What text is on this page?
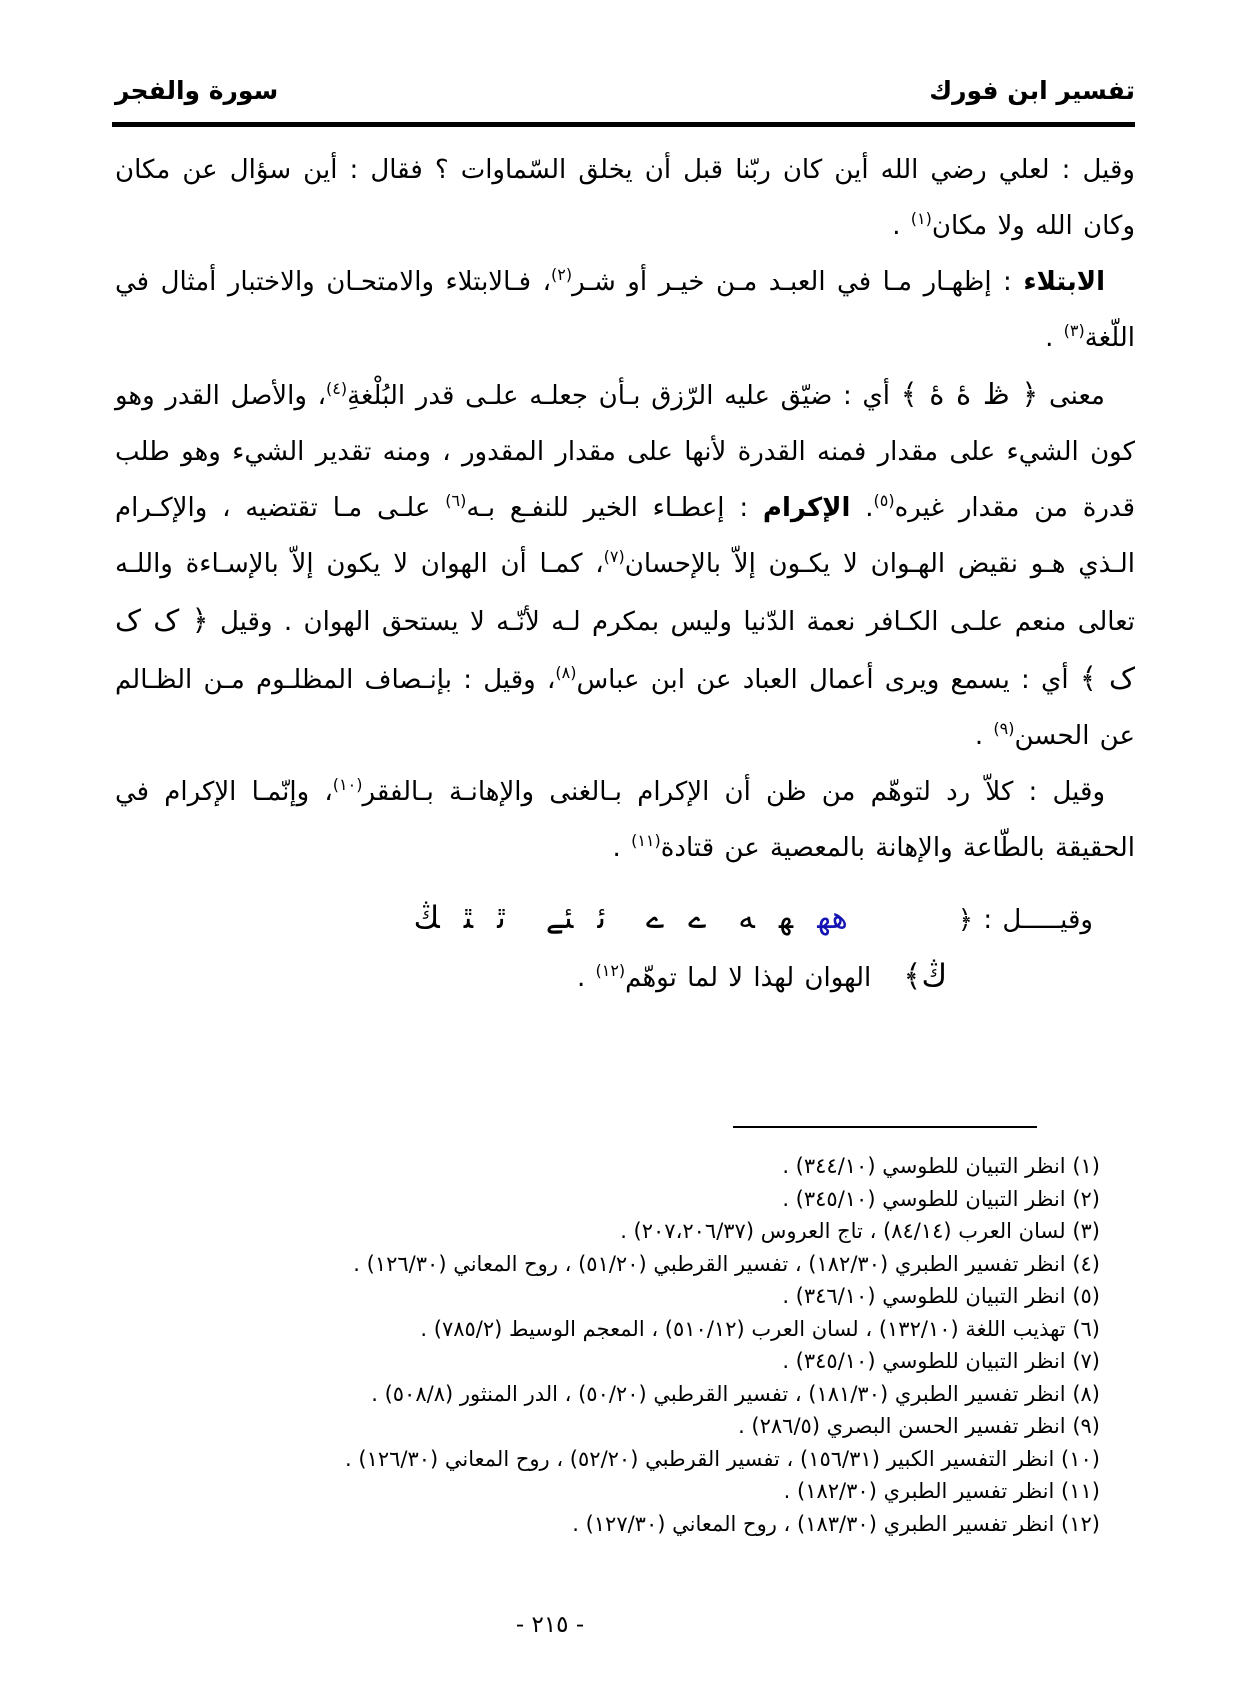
تفسير ابن فورك
سورة والفجر

وقيل : لعلي رضي الله أين كان ربّنا قبل أن يخلق السّماوات ؟ فقال : أين سؤال عن مكان وكان الله ولا مكان$^{(١)}$ .

الابتلاء : إظهـار مـا في العبـد مـن خيـر أو شـر$^{(٢)}$، فـالابتلاء والامتحـان والاختبار أمثال في اللّغة$^{(٣)}$ .

معنى ﴿ ڟ ۀ ۀ ﴾ أي : ضيّق عليه الرّزق بـأن جعلـه علـى قدر البُلْغةِ$^{(٤)}$، والأصل القدر وهو كون الشيء على مقدار فمنه القدرة لأنها على مقدار المقدور ، ومنه تقدير الشيء وهو طلب قدرة من مقدار غيره$^{(٥)}$. الإكرام : إعطـاء الخير للنفـع بـه$^{(٦)}$ علـى مـا تقتضيه ، والإكـرام الـذي هـو نقيض الهـوان لا يكـون إلاّ بالإحسان$^{(٧)}$، كمـا أن الهوان لا يكون إلاّ بالإسـاءة واللـه تعالى منعم علـى الكـافر نعمة الدّنيا وليس بمكرم لـه لأنّـه لا يستحق الهوان . وقيل ﴿ ک ک ک ﴾ أي : يسمع ويرى أعمال العباد عن ابن عباس$^{(٨)}$، وقيل : بإنـصاف المظلـوم مـن الظـالم عن الحسن$^{(٩)}$ .

وقيل : كلاّ رد لتوهّم من ظن أن الإكرام بـالغنى والإهانـة بـالفقر$^{(١٠)}$، وإنّمـا الإكرام في الحقيقة بالطّاعة والإهانة بالمعصية عن قتادة$^{(١١)}$ .

وقيـــــل : ﴿ههههےےئئےٿٿڭ

ڭ﴾الهوان لهذا لا لما توهّم$^{(١٢)}$ .

(١) انظر التبيان للطوسي (٣٤٤/١٠) .
(٢) انظر التبيان للطوسي (٣٤٥/١٠) .
(٣) لسان العرب (٨٤/١٤) ، تاج العروس (٢٠٧،٢٠٦/٣٧) .
(٤) انظر تفسير الطبري (١٨٢/٣٠) ، تفسير القرطبي (٥١/٢٠) ، روح المعاني (١٢٦/٣٠) .
(٥) انظر التبيان للطوسي (٣٤٦/١٠) .
(٦) تهذيب اللغة (١٣٢/١٠) ، لسان العرب (٥١٠/١٢) ، المعجم الوسيط (٧٨٥/٢) .
(٧) انظر التبيان للطوسي (٣٤٥/١٠) .
(٨) انظر تفسير الطبري (١٨١/٣٠) ، تفسير القرطبي (٥٠/٢٠) ، الدر المنثور (٥٠٨/٨) .
(٩) انظر تفسير الحسن البصري (٢٨٦/٥) .
(١٠) انظر التفسير الكبير (١٥٦/٣١) ، تفسير القرطبي (٥٢/٢٠) ، روح المعاني (١٢٦/٣٠) .
(١١) انظر تفسير الطبري (١٨٢/٣٠) .
(١٢) انظر تفسير الطبري (١٨٣/٣٠) ، روح المعاني (١٢٧/٣٠) .
- ٢١٥ -
